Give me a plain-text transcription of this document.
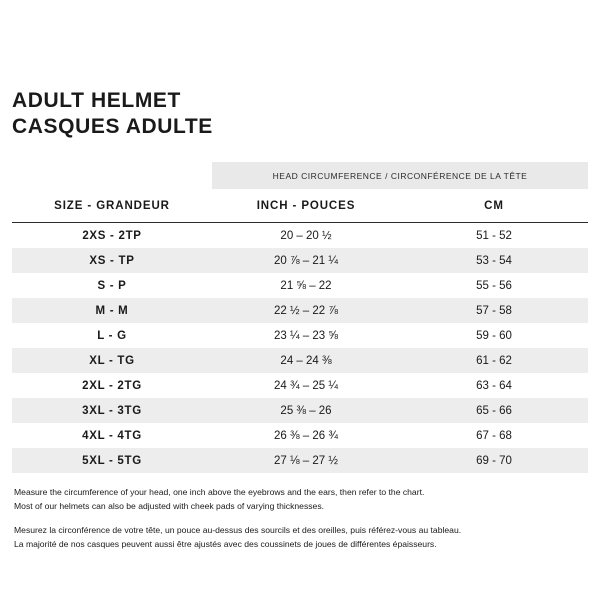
ADULT HELMET
CASQUES ADULTE
	HEAD CIRCUMFERENCE / CIRCONFÉRENCE DE LA TÊTE	
SIZE - GRANDEUR	INCH - POUCES	CM
2XS - 2TP	20 – 20 ½	51 - 52
XS - TP	20 ⅞ – 21 ¼	53 - 54
S - P	21 ⅝ – 22	55 - 56
M - M	22 ½ – 22 ⅞	57 - 58
L - G	23 ¼ – 23 ⅝	59 - 60
XL - TG	24 – 24 ⅜	61 - 62
2XL - 2TG	24 ¾ – 25 ¼	63 - 64
3XL - 3TG	25 ⅜ – 26	65 - 66
4XL - 4TG	26 ⅜ – 26 ¾	67 - 68
5XL - 5TG	27 ⅛ – 27 ½	69 - 70

Measure the circumference of your head, one inch above the eyebrows and the ears, then refer to the chart.

Most of our helmets can also be adjusted with cheek pads of varying thicknesses.

Mesurez la circonférence de votre tête, un pouce au-dessus des sourcils et des oreilles, puis référez-vous au tableau.

La majorité de nos casques peuvent aussi être ajustés avec des coussinets de joues de différentes épaisseurs.
